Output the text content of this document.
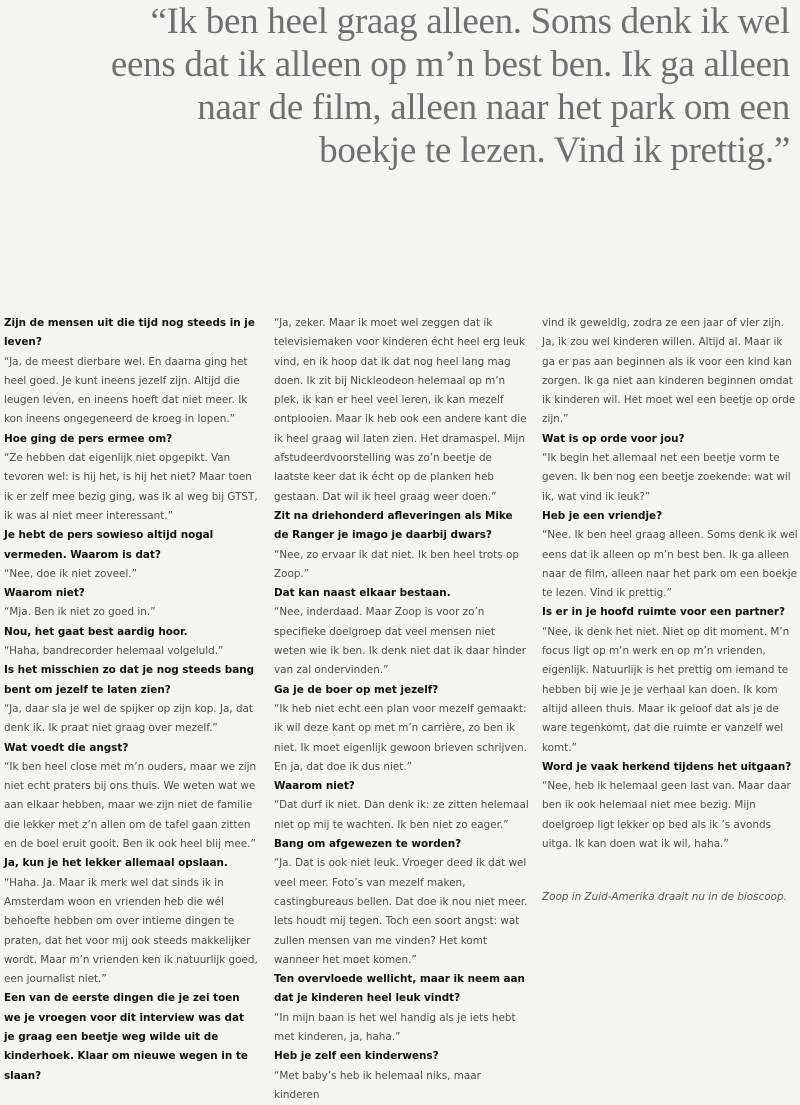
“Ik ben heel graag alleen. Soms denk ik wel
eens dat ik alleen op m’n best ben. Ik ga alleen
naar de film, alleen naar het park om een
boekje te lezen. Vind ik prettig.”

Zijn de mensen uit die tijd nog steeds in je leven?

“Ja, de meest dierbare wel. En daarna ging het heel goed. Je kunt ineens jezelf zijn. Altijd die leugen leven, en ineens hoeft dat niet meer. Ik kon ineens ongegeneerd de kroeg in lopen.”

Hoe ging de pers ermee om?

“Ze hebben dat eigenlijk niet opgepikt. Van tevoren wel: is hij het, is hij het niet? Maar toen ik er zelf mee bezig ging, was ik al weg bij GTST, ik was al niet meer interessant.”

Je hebt de pers sowieso altijd nogal vermeden. Waarom is dat?

“Nee, doe ik niet zoveel.”

Waarom niet?

“Mja. Ben ik niet zo goed in.”

Nou, het gaat best aardig hoor.

“Haha, bandrecorder helemaal volgeluld.”

Is het misschien zo dat je nog steeds bang bent om jezelf te laten zien?

“Ja, daar sla je wel de spijker op zijn kop. Ja, dat denk ik. Ik praat niet graag over mezelf.”

Wat voedt die angst?

“Ik ben heel close met m’n ouders, maar we zijn niet echt praters bij ons thuis. We weten wat we aan elkaar hebben, maar we zijn niet de familie die lekker met z’n allen om de tafel gaan zitten en de boel eruit gooit. Ben ik ook heel blij mee.”

Ja, kun je het lekker allemaal opslaan.

“Haha. Ja. Maar ik merk wel dat sinds ik in Amsterdam woon en vrienden heb die wél behoefte hebben om over intieme dingen te praten, dat het voor mij ook steeds makkelijker wordt. Maar m’n vrienden ken ik natuurlijk goed, een journalist niet.”

Een van de eerste dingen die je zei toen we je vroegen voor dit interview was dat je graag een beetje weg wilde uit de kinderhoek. Klaar om nieuwe wegen in te slaan?

“Ja, zeker. Maar ik moet wel zeggen dat ik televisiemaken voor kinderen écht heel erg leuk vind, en ik hoop dat ik dat nog heel lang mag doen. Ik zit bij Nickleodeon helemaal op m’n plek, ik kan er heel veel leren, ik kan mezelf ontplooien. Maar ik heb ook een andere kant die ik heel graag wil laten zien. Het dramaspel. Mijn afstudeerdvoorstelling was zo’n beetje de laatste keer dat ik écht op de planken heb gestaan. Dat wil ik heel graag weer doen.”

Zit na driehonderd afleveringen als Mike de Ranger je imago je daarbij dwars?

“Nee, zo ervaar ik dat niet. Ik ben heel trots op Zoop.”

Dat kan naast elkaar bestaan.

“Nee, inderdaad. Maar Zoop is voor zo’n specifieke doelgroep dat veel mensen niet weten wie ik ben. Ik denk niet dat ik daar hinder van zal ondervinden.”

Ga je de boer op met jezelf?

“Ik heb niet echt een plan voor mezelf gemaakt: ik wil deze kant op met m’n carrière, zo ben ik niet. Ik moet eigenlijk gewoon brieven schrijven. En ja, dat doe ik dus niet.”

Waarom niet?

“Dat durf ik niet. Dan denk ik: ze zitten helemaal niet op mij te wachten. Ik ben niet zo eager.”

Bang om afgewezen te worden?

“Ja. Dat is ook niet leuk. Vroeger deed ik dat wel veel meer. Foto’s van mezelf maken, castingbureaus bellen. Dat doe ik nou niet meer. Iets houdt mij tegen. Toch een soort angst: wat zullen mensen van me vinden? Het komt wanneer het moet komen.”

Ten overvloede wellicht, maar ik neem aan dat je kinderen heel leuk vindt?

“In mijn baan is het wel handig als je iets hebt met kinderen, ja, haha.”

Heb je zelf een kinderwens?

“Met baby’s heb ik helemaal niks, maar kinderen

vind ik geweldig, zodra ze een jaar of vier zijn. Ja, ik zou wel kinderen willen. Altijd al. Maar ik ga er pas aan beginnen als ik voor een kind kan zorgen. Ik ga niet aan kinderen beginnen omdat ik kinderen wil. Het moet wel een beetje op orde zijn.”

Wat is op orde voor jou?

“Ik begin het allemaal net een beetje vorm te geven. Ik ben nog een beetje zoekende: wat wil ik, wat vind ik leuk?”

Heb je een vriendje?

“Nee. Ik ben heel graag alleen. Soms denk ik wel eens dat ik alleen op m’n best ben. Ik ga alleen naar de film, alleen naar het park om een boekje te lezen. Vind ik prettig.”

Is er in je hoofd ruimte voor een partner?

“Nee, ik denk het niet. Niet op dit moment. M’n focus ligt op m’n werk en op m’n vrienden, eigenlijk. Natuurlijk is het prettig om iemand te hebben bij wie je je verhaal kan doen. Ik kom altijd alleen thuis. Maar ik geloof dat als je de ware tegenkomt, dat die ruimte er vanzelf wel komt.”

Word je vaak herkend tijdens het uitgaan?

“Nee, heb ik helemaal geen last van. Maar daar ben ik ook helemaal niet mee bezig. Mijn doelgroep ligt lekker op bed als ik ’s avonds uitga. Ik kan doen wat ik wil, haha.”

Zoop in Zuid-Amerika draait nu in de bioscoop.
